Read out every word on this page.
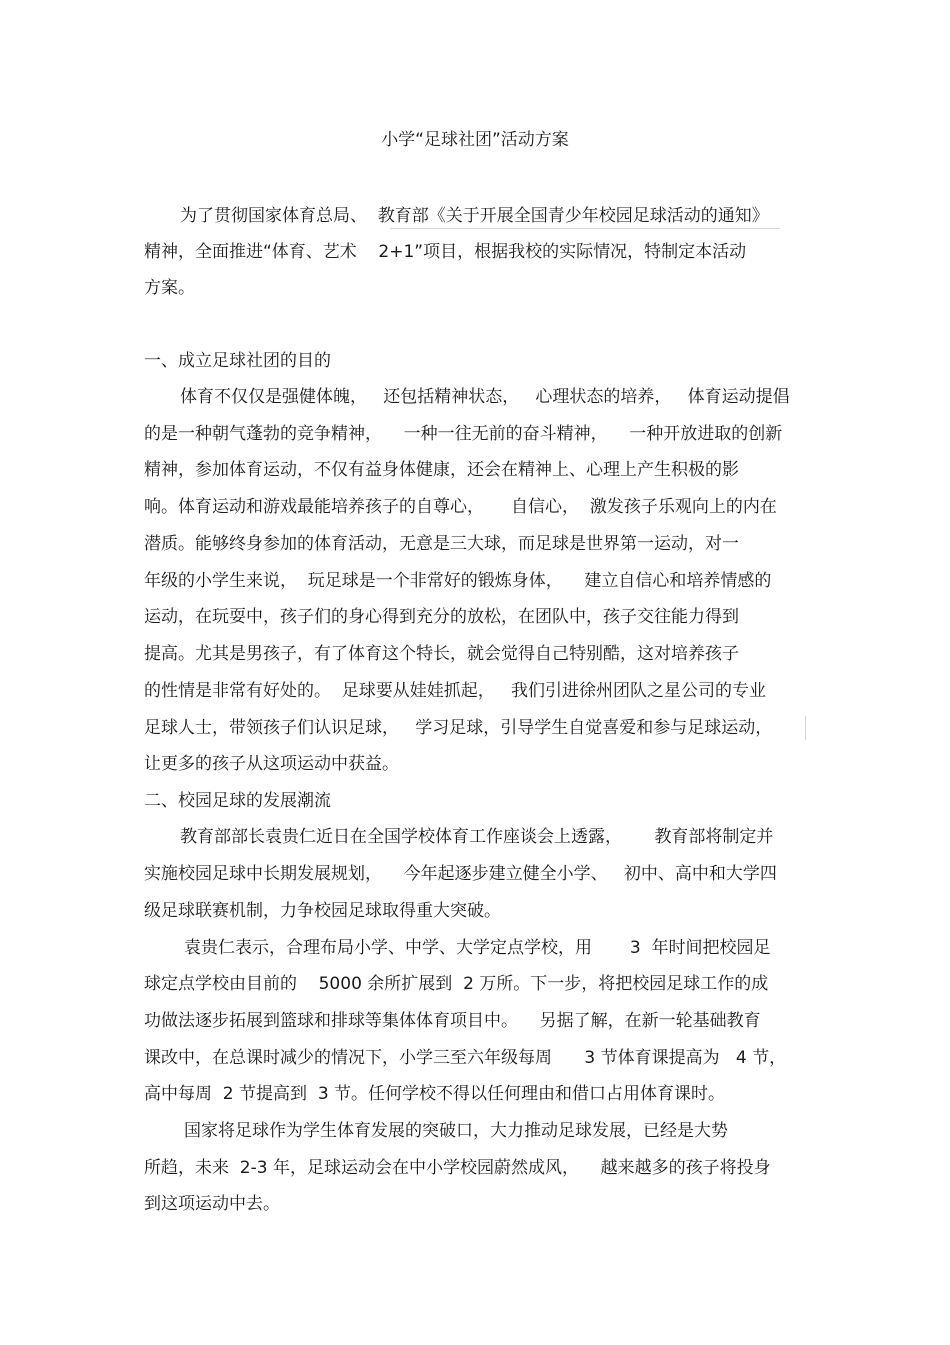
小学“足球社团”活动方案
为了贯彻国家体育总局、  教育部《关于开展全国青少年校园足球活动的通知》
精神，全面推进“体育、艺术    2+1”项目，根据我校的实际情况，特制定本活动
方案。
一、成立足球社团的目的
体育不仅仅是强健体魄，   还包括精神状态，   心理状态的培养，   体育运动提倡
的是一种朝气蓬勃的竞争精神，    一种一往无前的奋斗精神，    一种开放进取的创新
精神，参加体育运动，不仅有益身体健康，还会在精神上、心理上产生积极的影
响。体育运动和游戏最能培养孩子的自尊心，     自信心，  激发孩子乐观向上的内在
潜质。能够终身参加的体育活动，无意是三大球，而足球是世界第一运动，对一
年级的小学生来说，  玩足球是一个非常好的锻炼身体，    建立自信心和培养情感的
运动，在玩耍中，孩子们的身心得到充分的放松，在团队中，孩子交往能力得到
提高。尤其是男孩子，有了体育这个特长，就会觉得自己特别酷，这对培养孩子
的性情是非常有好处的。  足球要从娃娃抓起，   我们引进徐州团队之星公司的专业
足球人士，带领孩子们认识足球，   学习足球，引导学生自觉喜爱和参与足球运动，
让更多的孩子从这项运动中获益。
二、校园足球的发展潮流
教育部部长袁贵仁近日在全国学校体育工作座谈会上透露，      教育部将制定并
实施校园足球中长期发展规划，    今年起逐步建立健全小学、   初中、高中和大学四
级足球联赛机制，力争校园足球取得重大突破。
袁贵仁表示，合理布局小学、中学、大学定点学校，用       3  年时间把校园足
球定点学校由目前的    5000 余所扩展到  2 万所。下一步，将把校园足球工作的成
功做法逐步拓展到篮球和排球等集体体育项目中。    另据了解，在新一轮基础教育
课改中，在总课时减少的情况下，小学三至六年级每周      3 节体育课提高为   4 节，
高中每周  2 节提高到  3 节。任何学校不得以任何理由和借口占用体育课时。
国家将足球作为学生体育发展的突破口，大力推动足球发展，已经是大势
所趋，未来  2-3 年，足球运动会在中小学校园蔚然成风，    越来越多的孩子将投身
到这项运动中去。
